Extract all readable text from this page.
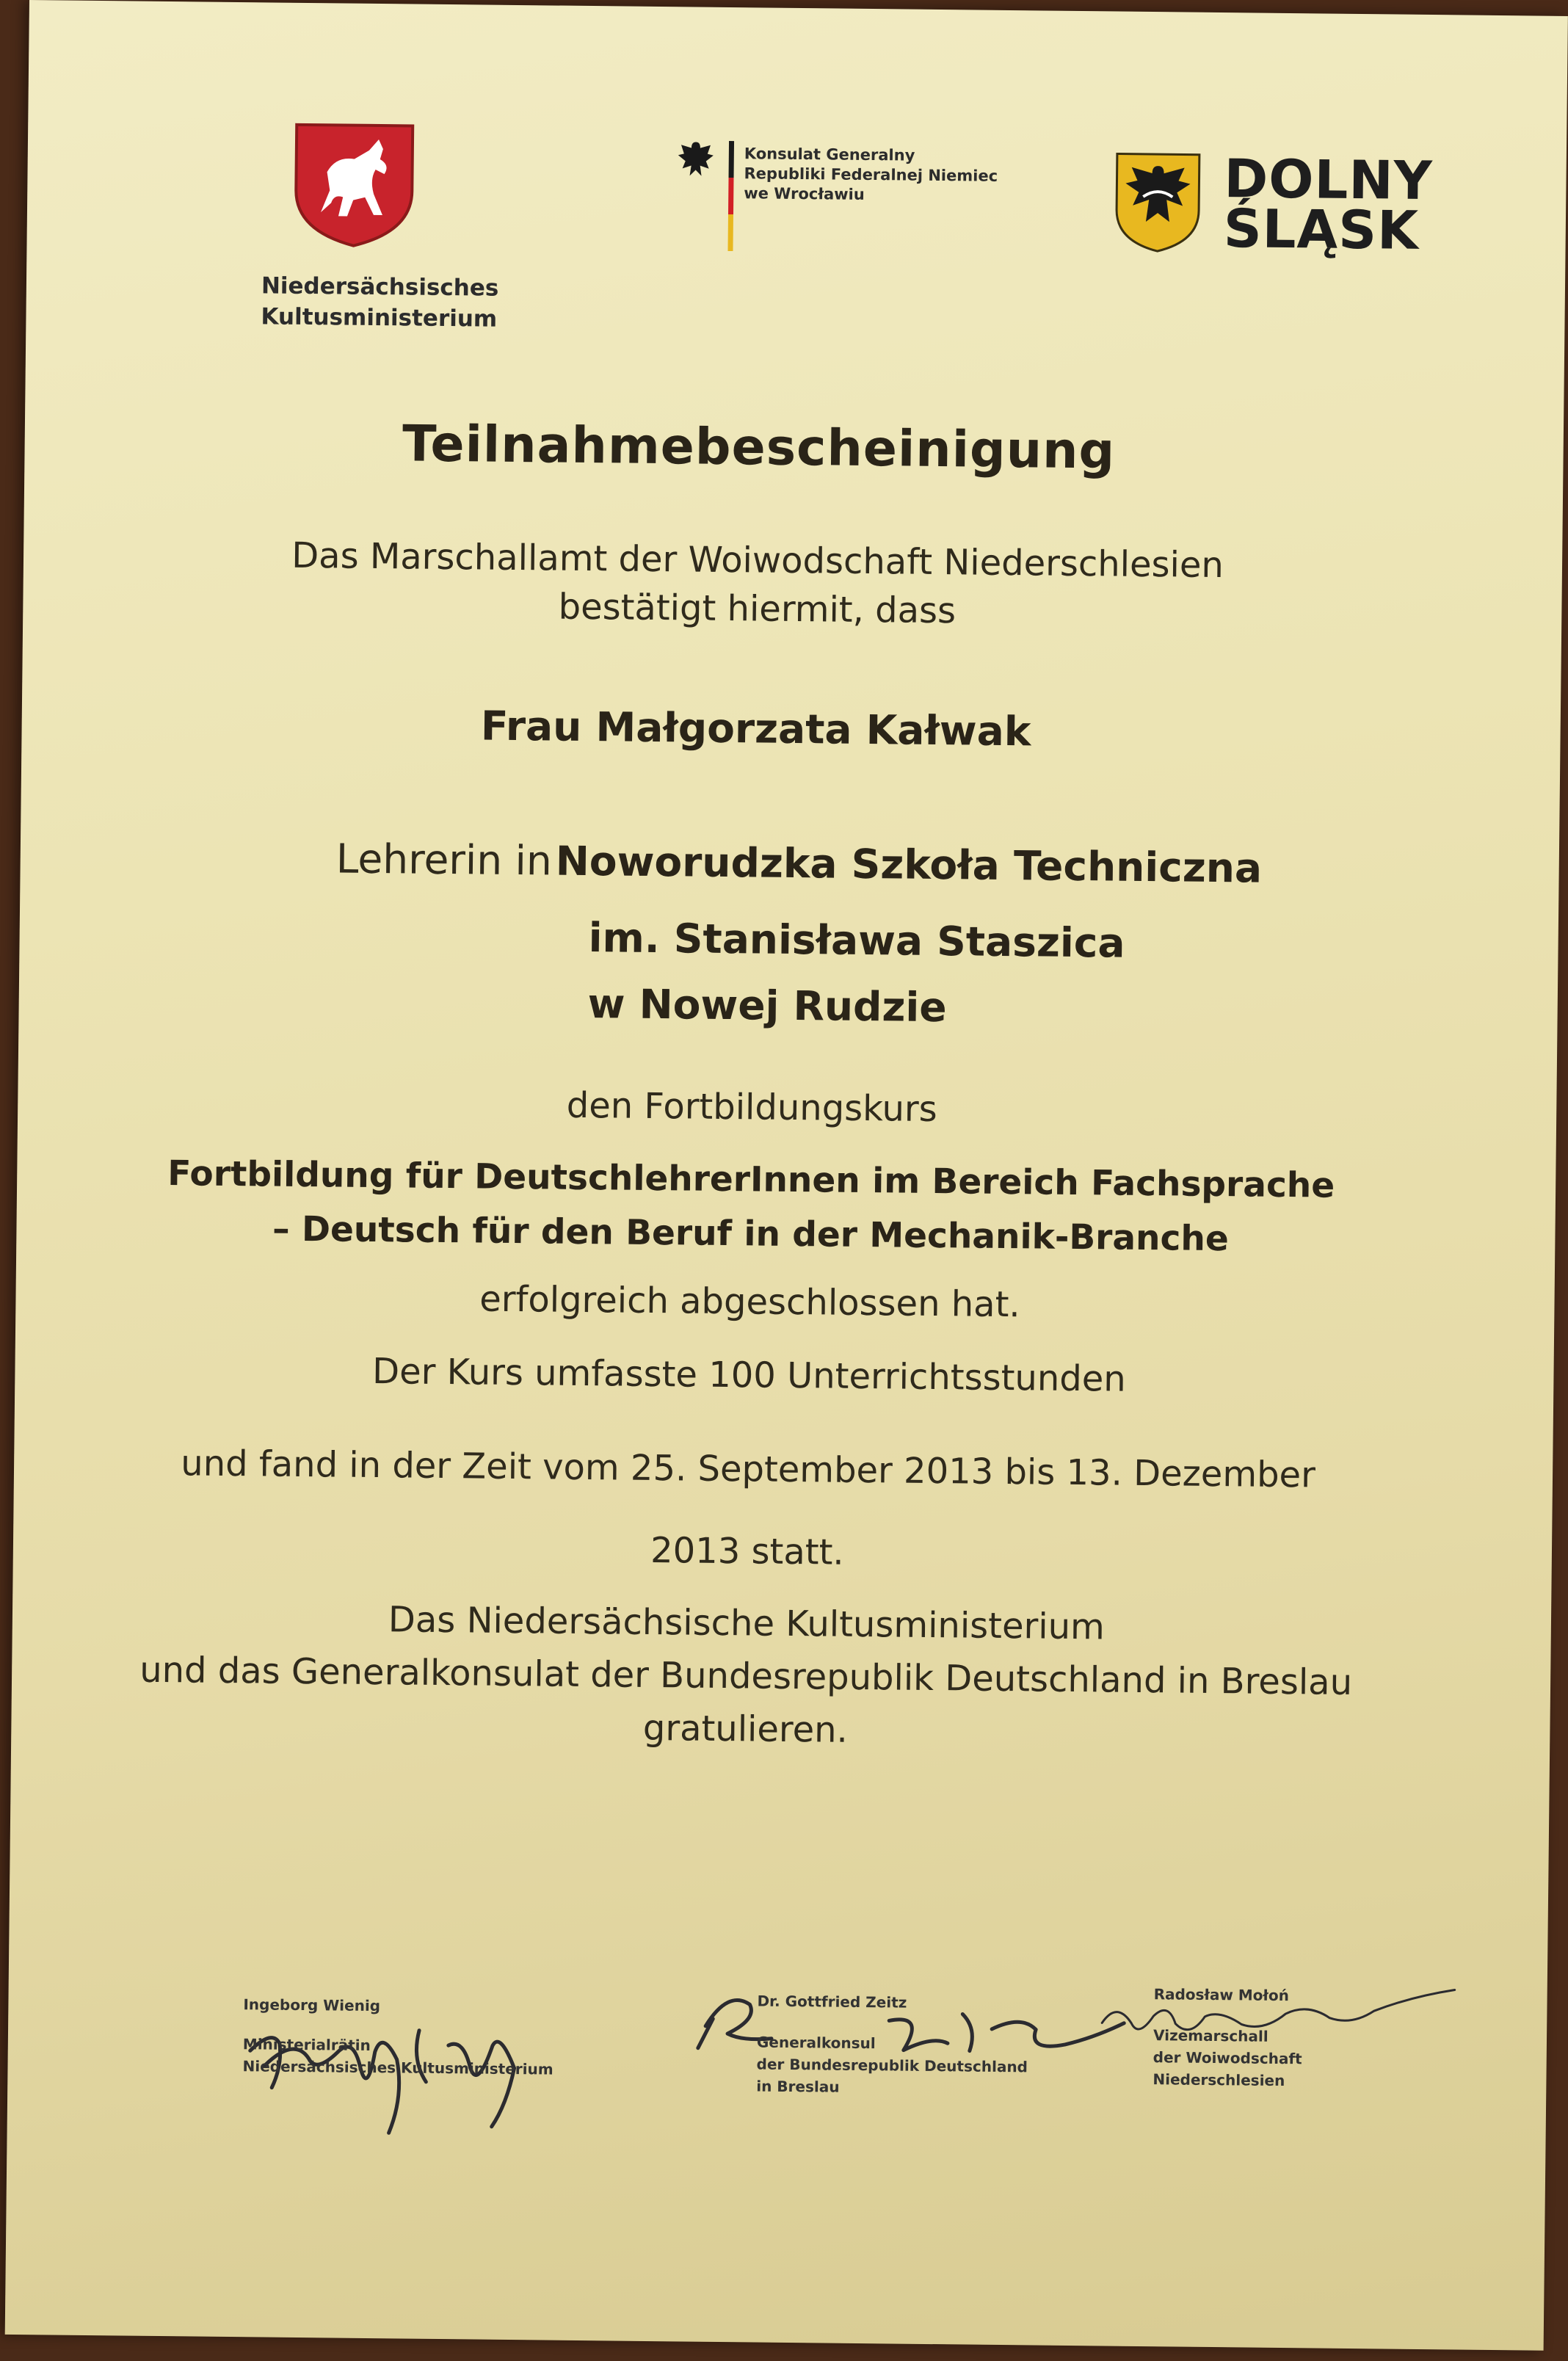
Niedersächsisches
Kultusministerium
Konsulat Generalny
Republiki Federalnej Niemiec
we Wrocławiu	DOLNY
ŚLĄSK
Teilnahmebescheinigung
Das Marschallamt der Woiwodschaft Niederschlesien
bestätigt hiermit, dass
Frau Małgorzata Kałwak
Lehrerin in Noworudzka Szkoła Techniczna
im. Stanisława Staszica
w Nowej Rudzie
den Fortbildungskurs
Fortbildung für DeutschlehrerInnen im Bereich Fachsprache
– Deutsch für den Beruf in der Mechanik-Branche
erfolgreich abgeschlossen hat.
Der Kurs umfasste 100 Unterrichtsstunden
und fand in der Zeit vom 25. September 2013 bis 13. Dezember
2013 statt.
Das Niedersächsische Kultusministerium
und das Generalkonsulat der Bundesrepublik Deutschland in Breslau
gratulieren.
Ingeborg Wienig
Ministerialrätin
Niedersächsisches Kultusministerium
Dr. Gottfried Zeitz
Generalkonsul
der Bundesrepublik Deutschland
in Breslau
Radosław Mołoń
Vizemarschall
der Woiwodschaft
Niederschlesien
